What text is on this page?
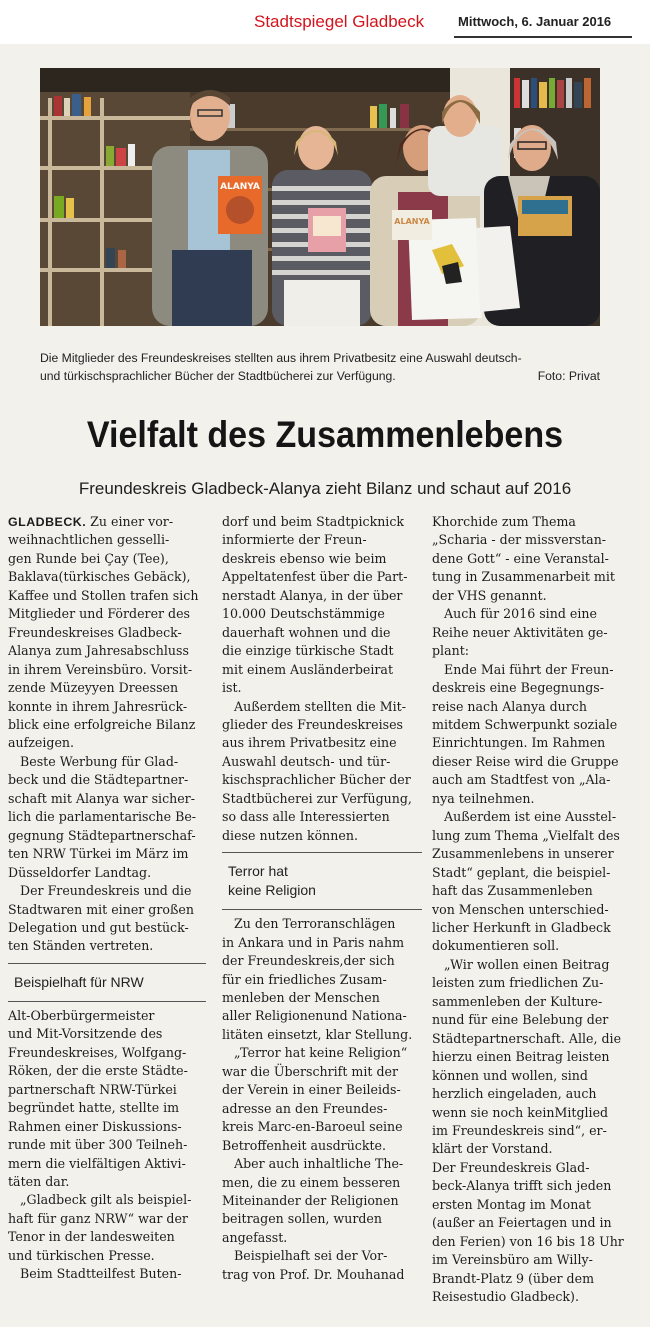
Stadtspiegel Gladbeck	Mittwoch, 6. Januar 2016
ALANYA
ALANYA
Die Mitglieder des Freundeskreises stellten aus ihrem Privatbesitz eine Auswahl deutsch-
und türkischsprachlicher Bücher der Stadtbücherei zur Verfügung.	Foto: Privat
Vielfalt des Zusammenlebens
Freundeskreis Gladbeck-Alanya zieht Bilanz und schaut auf 2016
GLADBECK. Zu einer vor-
weihnachtlichen gesselli-
gen Runde bei Çay (Tee),
Baklava(türkisches Gebäck),
Kaffee und Stollen trafen sich
Mitglieder und Förderer des
Freundeskreises Gladbeck-
Alanya zum Jahresabschluss
in ihrem Vereinsbüro. Vorsit-
zende Müzeyyen Dreessen
konnte in ihrem Jahresrück-
blick eine erfolgreiche Bilanz
aufzeigen.
Beste Werbung für Glad-
beck und die Städtepartner-
schaft mit Alanya war sicher-
lich die parlamentarische Be-
gegnung Städtepartnerschaf-
ten NRW Türkei im März im
Düsseldorfer Landtag.
Der Freundeskreis und die
Stadtwaren mit einer großen
Delegation und gut bestück-
ten Ständen vertreten.
Beispielhaft für NRW
Alt-Oberbürgermeister
und Mit-Vorsitzende des
Freundeskreises, Wolfgang-
Röken, der die erste Städte-
partnerschaft NRW-Türkei
begründet hatte, stellte im
Rahmen einer Diskussions-
runde mit über 300 Teilneh-
mern die vielfältigen Aktivi-
täten dar.
„Gladbeck gilt als beispiel-
haft für ganz NRW“ war der
Tenor in der landesweiten
und türkischen Presse.
Beim Stadtteilfest Buten-
dorf und beim Stadtpicknick
informierte der Freun-
deskreis ebenso wie beim
Appeltatenfest über die Part-
nerstadt Alanya, in der über
10.000 Deutschstämmige
dauerhaft wohnen und die
die einzige türkische Stadt
mit einem Ausländerbeirat
ist.
Außerdem stellten die Mit-
glieder des Freundeskreises
aus ihrem Privatbesitz eine
Auswahl deutsch- und tür-
kischsprachlicher Bücher der
Stadtbücherei zur Verfügung,
so dass alle Interessierten
diese nutzen können.
Terror hat
keine Religion
Zu den Terroranschlägen
in Ankara und in Paris nahm
der Freundeskreis,der sich
für ein friedliches Zusam-
menleben der Menschen
aller Religionenund Nationa-
litäten einsetzt, klar Stellung.
„Terror hat keine Religion“
war die Überschrift mit der
der Verein in einer Beileids-
adresse an den Freundes-
kreis Marc-en-Baroeul seine
Betroffenheit ausdrückte.
Aber auch inhaltliche The-
men, die zu einem besseren
Miteinander der Religionen
beitragen sollen, wurden
angefasst.
Beispielhaft sei der Vor-
trag von Prof. Dr. Mouhanad
Khorchide zum Thema
„Scharia - der missverstan-
dene Gott“ - eine Veranstal-
tung in Zusammenarbeit mit
der VHS genannt.
Auch für 2016 sind eine
Reihe neuer Aktivitäten ge-
plant:
Ende Mai führt der Freun-
deskreis eine Begegnungs-
reise nach Alanya durch
mitdem Schwerpunkt soziale
Einrichtungen. Im Rahmen
dieser Reise wird die Gruppe
auch am Stadtfest von „Ala-
nya teilnehmen.
Außerdem ist eine Ausstel-
lung zum Thema „Vielfalt des
Zusammenlebens in unserer
Stadt“ geplant, die beispiel-
haft das Zusammenleben
von Menschen unterschied-
licher Herkunft in Gladbeck
dokumentieren soll.
„Wir wollen einen Beitrag
leisten zum friedlichen Zu-
sammenleben der Kulture-
nund für eine Belebung der
Städtepartnerschaft. Alle, die
hierzu einen Beitrag leisten
können und wollen, sind
herzlich eingeladen, auch
wenn sie noch keinMitglied
im Freundeskreis sind“, er-
klärt der Vorstand.
Der Freundeskreis Glad-
beck-Alanya trifft sich jeden
ersten Montag im Monat
(außer an Feiertagen und in
den Ferien) von 16 bis 18 Uhr
im Vereinsbüro am Willy-
Brandt-Platz 9 (über dem
Reisestudio Gladbeck).
